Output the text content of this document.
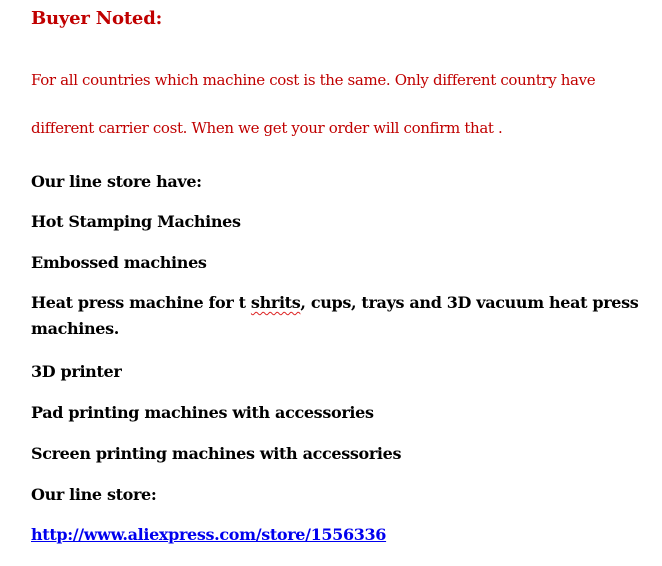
Buyer Noted:
For all countries which machine cost is the same. Only different country have
different carrier cost. When we get your order will confirm that .
Our line store have:
Hot Stamping Machines
Embossed machines
Heat press machine for t shrits, cups, trays and 3D vacuum heat press machines.
3D printer
Pad printing machines with accessories
Screen printing machines with accessories
Our line store:
http://www.aliexpress.com/store/1556336
